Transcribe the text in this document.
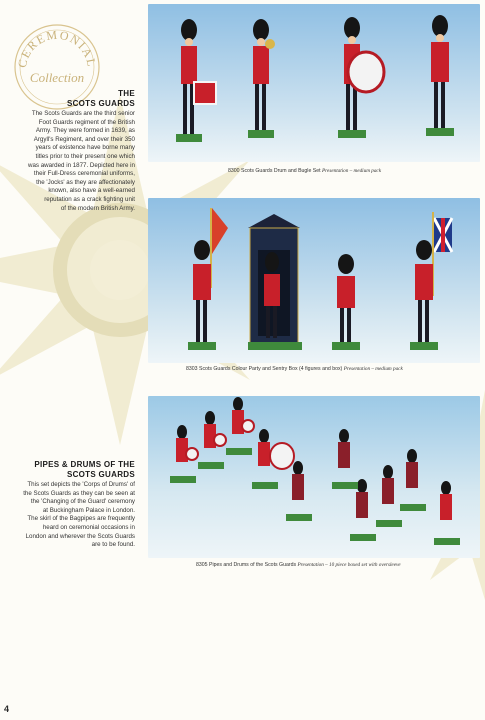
CEREMONIAL
Collection
THE
SCOTS GUARDS
The Scots Guards are the third senior
Foot Guards regiment of the British
Army. They were formed in 1639, as
Argyll's Regiment, and over their 350
years of existence have borne many
titles prior to their present one which
was awarded in 1877. Depicted here in
their Full-Dress ceremonial uniforms,
the 'Jocks' as they are affectionately
known, also have a well-earned
reputation as a crack fighting unit
of the modern British Army.
PIPES & DRUMS OF THE
SCOTS GUARDS
This set depicts the 'Corps of Drums' of
the Scots Guards as they can be seen at
the 'Changing of the Guard' ceremony
at Buckingham Palace in London.
The skirl of the Bagpipes are frequently
heard on ceremonial occasions in
London and wherever the Scots Guards
are to be found.
8300 Scots Guards Drum and Bugle Set Presentation – medium pack
8303 Scots Guards Colour Party and Sentry Box (4 figures and box) Presentation – medium pack
8305 Pipes and Drums of the Scots Guards Presentation – 10 piece boxed set with oversleeve
4
